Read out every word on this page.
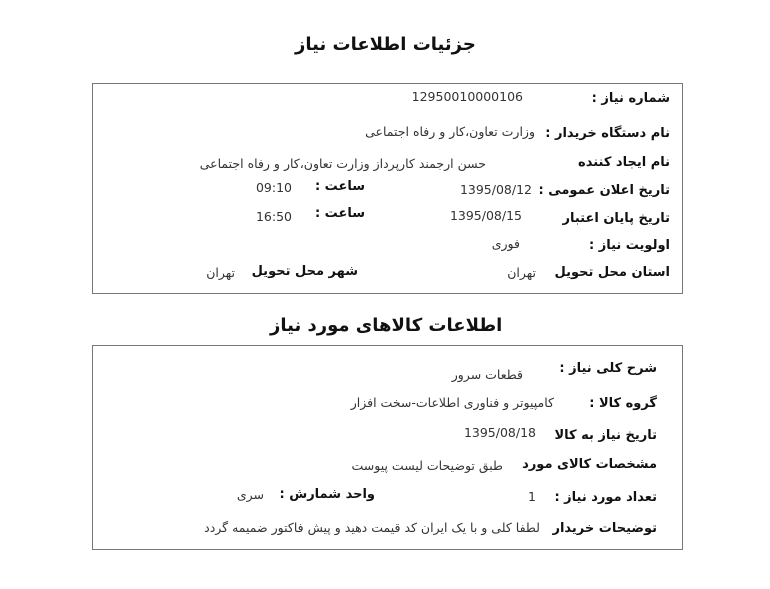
جزئیات اطلاعات نیاز
شماره نیاز :
12950010000106
نام دستگاه خریدار :
وزارت تعاون،کار و رفاه اجتماعی
نام ایجاد کننده
حسن ارجمند کارپرداز وزارت تعاون،کار و رفاه اجتماعی
تاریخ اعلان عمومی :
1395/08/12
ساعت :
09:10
تاریخ پایان اعتبار
1395/08/15
ساعت :
16:50
اولویت نیاز :
فوری
استان محل تحویل
تهران
شهر محل تحویل
تهران
اطلاعات کالاهای مورد نیاز
شرح کلی نیاز :
قطعات سرور
گروه کالا :
کامپیوتر و فناوری اطلاعات-سخت افزار
تاریخ نیاز به کالا
1395/08/18
مشخصات کالای مورد
طبق توضیحات لیست پیوست
تعداد مورد نیاز :
1
واحد شمارش :
سری
توضیحات خریدار
لطفا کلی و با یک ایران کد قیمت دهید و پیش فاکتور ضمیمه گردد
